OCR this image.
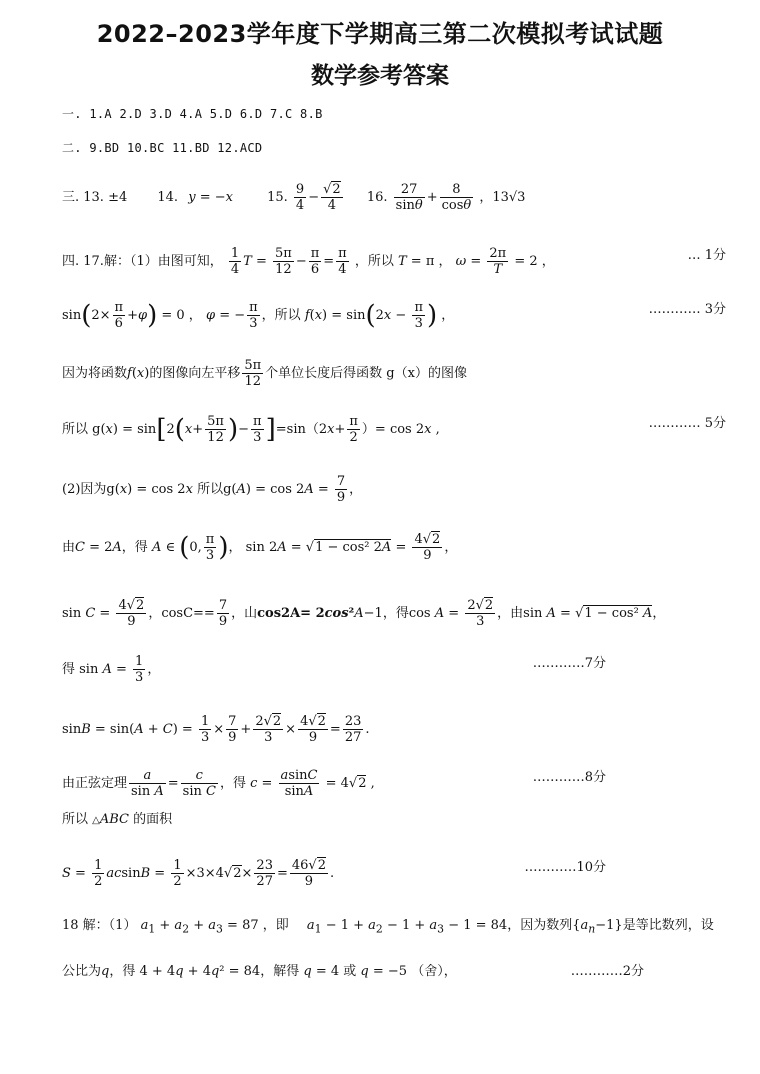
2022–2023学年度下学期高三第二次模拟考试试题
数学参考答案
一. 1.A 2.D 3.D 4.A 5.D 6.D 7.C 8.B
二. 9.BD 10.BC 11.BD 12.ACD
三. 13. ±4 14. y = −x	15. $\frac{9}{4} - \frac{√2}{4} 16$. $\frac{27}{\sin\theta} + \frac{8}{\cos\theta}$ ，13√3
四. 17.解：（1）由图可知， $\frac{1}{4}$ $T = \frac{5\pi}{12} - \frac{\pi}{6} = \frac{\pi}{4}$ ，所以 T = π ， $\omega = \frac{2\pi}{T} = 2$ ，	… 1分
$\sin(2\times \frac{\pi}{6} +\varphi) = 0$ ， φ = − $\frac{\pi}{3}$ ，所以 $f(x) = \sin(2x - \frac{\pi}{3}$ ) ，	………… 3分
因为将函数f(x)的图像向左平移 $\frac{5\pi}{12}$ 个单位长度后得函数 g（x）的图像
所以 $g(x) = \sin[2(x+ \frac{5\pi}{12}$ )− $\frac{\pi}{3} ]=\sin(2x+ \frac{\pi}{2}$ ）= cos 2x ,	………… 5分
(2)因为g(x) = cos 2x 所以$g(A) = \cos 2A = \frac{7}{9}$ ，
由C = 2A，得 A ∈ (0, $\frac{\pi}{3}$ )， sin 2A = √1 − cos² $2A = \frac{4√2}{9}$ ，
$\sin C = \frac{4√2}{9}$ ，$\cos C== \frac{7}{9}$ ，山cos2A= 2cos²A−1，得$\cos A = \frac{2√2}{3}$ ，由sin A = √1 − cos² A，
得 $\sin A = \frac{1}{3}$ ，	…………7分
$\sin B = \sin(A + C) = \frac{1}{3} \times \frac{7}{9} + \frac{2√2}{3} \times \frac{4√2}{9} = \frac{23}{27}$ .
由正弦定理 $\frac{a}{\text{sin A}} = \frac{c}{\text{sin C}}$ ，得 $c = \frac{asinC}{\sin A} = 4√2$ ,	…………8分
所以 △ABC 的面积
$S = \frac{1}{2}$ $acsinB = \frac{1}{2} \times 3\times 4√2\times \frac{23}{27} = \frac{46√2}{9}$ .	…………10分
18 解：（1） $a_1 + a_2 + a_3 = 87$ ，即 $a_1 - 1 + a_2 - 1 + a_3 - 1 = 84$，因为数列$\{a_n-1\}$是等比数列，设
公比为q，得 4 + 4q + 4q² = 84，解得 q = 4 或 q = −5 （舍），	…………2分
